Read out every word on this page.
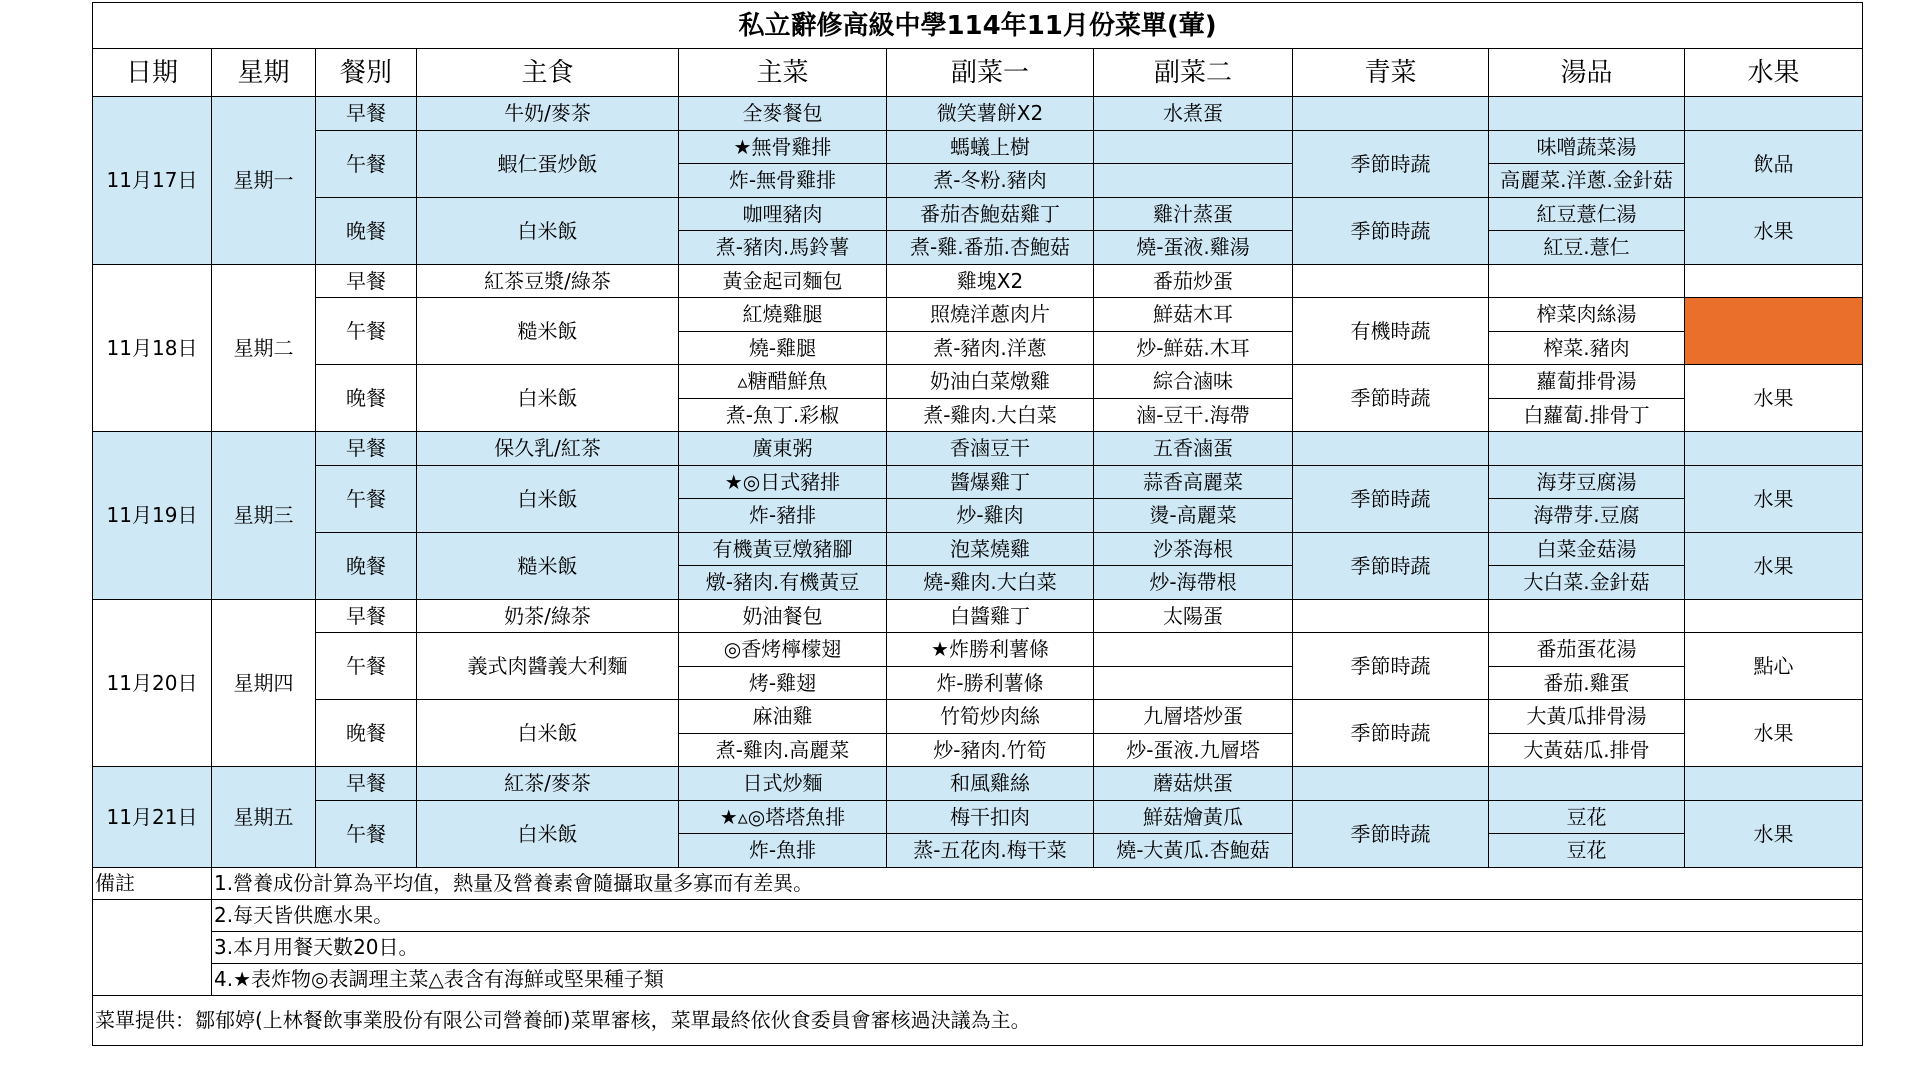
私立辭修高級中學114年11月份菜單(葷)									
日期	星期	餐別	主食	主菜	副菜一	副菜二	青菜	湯品	水果
11月17日	星期一	早餐	牛奶/麥茶	全麥餐包	微笑薯餅X2	水煮蛋			
		午餐	蝦仁蛋炒飯	★無骨雞排	螞蟻上樹		季節時蔬	味噌蔬菜湯	飲品
				炸-無骨雞排	煮-冬粉.豬肉			高麗菜.洋蔥.金針菇	
		晚餐	白米飯	咖哩豬肉	番茄杏鮑菇雞丁	雞汁蒸蛋	季節時蔬	紅豆薏仁湯	水果
				煮-豬肉.馬鈴薯	煮-雞.番茄.杏鮑菇	燒-蛋液.雞湯		紅豆.薏仁	
11月18日	星期二	早餐	紅茶豆漿/綠茶	黃金起司麵包	雞塊X2	番茄炒蛋			
		午餐	糙米飯	紅燒雞腿	照燒洋蔥肉片	鮮菇木耳	有機時蔬	榨菜肉絲湯	
				燒-雞腿	煮-豬肉.洋蔥	炒-鮮菇.木耳		榨菜.豬肉	
		晚餐	白米飯	▵糖醋鮮魚	奶油白菜燉雞	綜合滷味	季節時蔬	蘿蔔排骨湯	水果
				煮-魚丁.彩椒	煮-雞肉.大白菜	滷-豆干.海帶		白蘿蔔.排骨丁	
11月19日	星期三	早餐	保久乳/紅茶	廣東粥	香滷豆干	五香滷蛋			
		午餐	白米飯	★◎日式豬排	醬爆雞丁	蒜香高麗菜	季節時蔬	海芽豆腐湯	水果
				炸-豬排	炒-雞肉	燙-高麗菜		海帶芽.豆腐	
		晚餐	糙米飯	有機黃豆燉豬腳	泡菜燒雞	沙茶海根	季節時蔬	白菜金菇湯	水果
				燉-豬肉.有機黃豆	燒-雞肉.大白菜	炒-海帶根		大白菜.金針菇	
11月20日	星期四	早餐	奶茶/綠茶	奶油餐包	白醬雞丁	太陽蛋			
		午餐	義式肉醬義大利麵	◎香烤檸檬翅	★炸勝利薯條		季節時蔬	番茄蛋花湯	點心
				烤-雞翅	炸-勝利薯條			番茄.雞蛋	
		晚餐	白米飯	麻油雞	竹筍炒肉絲	九層塔炒蛋	季節時蔬	大黃瓜排骨湯	水果
				煮-雞肉.高麗菜	炒-豬肉.竹筍	炒-蛋液.九層塔		大黃菇瓜.排骨	
11月21日	星期五	早餐	紅茶/麥茶	日式炒麵	和風雞絲	蘑菇烘蛋			
		午餐	白米飯	★▵◎塔塔魚排	梅干扣肉	鮮菇燴黃瓜	季節時蔬	豆花	水果
				炸-魚排	蒸-五花肉.梅干菜	燒-大黃瓜.杏鮑菇		豆花	
備註	1.營養成份計算為平均值，熱量及營養素會隨攝取量多寡而有差異。								
	2.每天皆供應水果。								
	3.本月用餐天數20日。								
	4.★表炸物◎表調理主菜△表含有海鮮或堅果種子類								
菜單提供：鄒郁婷(上林餐飲事業股份有限公司營養師)菜單審核，菜單最終依伙食委員會審核過決議為主。									
